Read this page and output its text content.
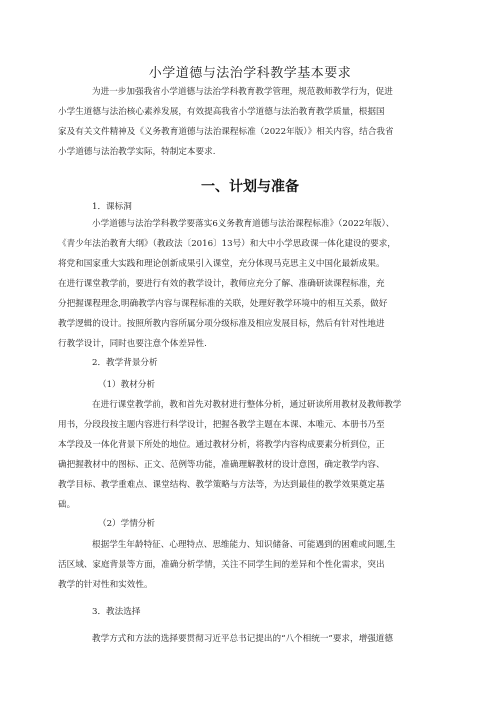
小学道德与法治学科教学基本要求
为进一步加强我省小学道德与法治学科教育教学管理，规范教师教学行为，促进
小学生道德与法治核心素养发展，有效提高我省小学道德与法治教育教学质量，根据国
家及有关文件精神及《义务教育道德与法治课程标准（2022年版）》相关内容，结合我省
小学道德与法治教学实际，特制定本要求.
一、计划与准备
1．课标洞
小学道德与法治学科教学要落实6义务教育道德与法治课程标准》（2022年版）、
《青少年法治教育大纲》（教政法〔2016〕13号）和大中小学思政课一体化建设的要求，
将党和国家重大实践和理论创新成果引入课堂，充分体现马克思主义中国化最新成果。
在进行课堂教学前，要进行有效的教学设计，教师应充分了解、准确研读课程标准，充
分把握课程理念,明确教学内容与课程标准的关联，处理好教学环境中的相互关系，做好
教学逻辑的设计。按照所教内容所属分项分级标准及相应发展目标，然后有针对性地进
行教学设计，同时也要注意个体差异性.
2．教学背景分析
（1）教材分析
在进行课堂教学前，教和首先对教材进行整体分析，通过研读所用教材及教师教学
用书，分段段按主题内容进行科学设计，把握各教学主题在本课、本唯元、本册书乃至
本学段及一体化背景下所处的地位。通过教材分析，将教学内容构成要素分析到位，正
确把握教材中的图标、正文、范例等功能，准确理解教材的设计意图，确定教学内容、
教学目标、教学重难点、课堂结构、教学策略与方法等，为达到最佳的教学效果奠定基
础。
（2）学情分析
根据学生年龄特征、心理特点、思维能力、知识储备、可能遇到的困难或问题,生
活区域、家庭背景等方面，准确分析学情，关注不同学生间的差异和个性化需求，突出
教学的针对性和实效性。
3．教法选择
教学方式和方法的选择要贯彻习近平总书记提出的“八个相统一”要求，增强道德
